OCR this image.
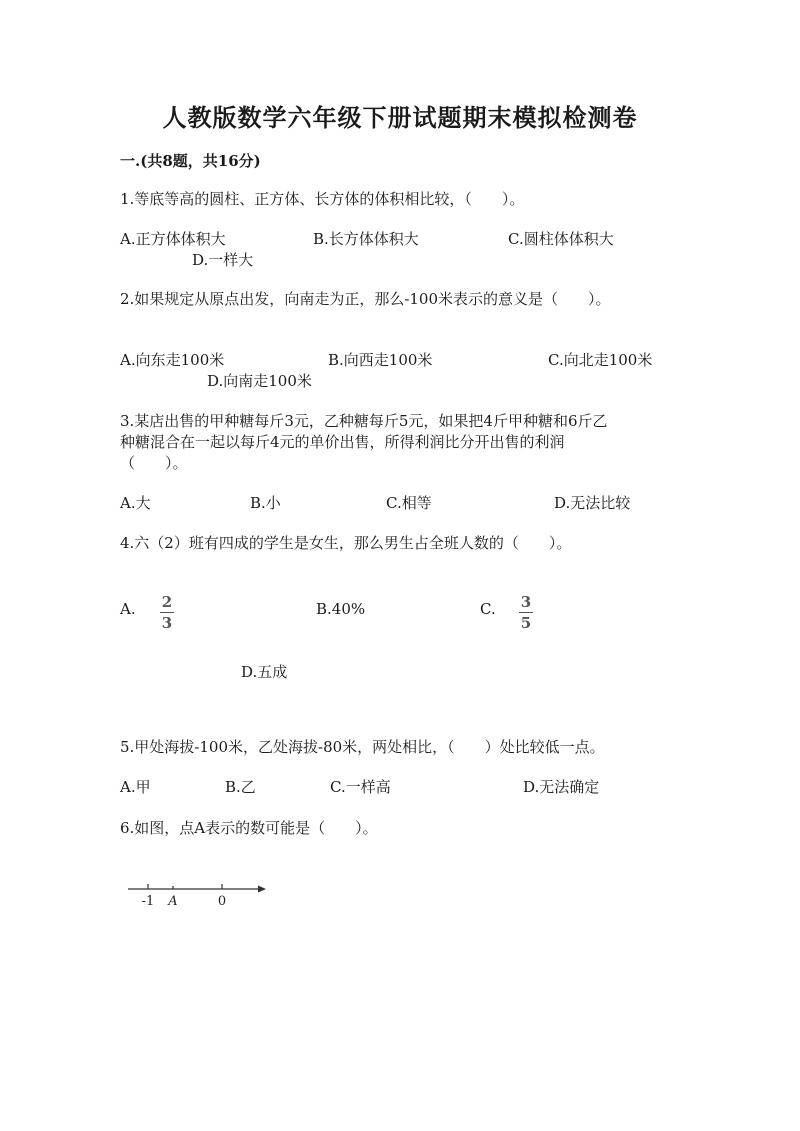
人教版数学六年级下册试题期末模拟检测卷
一.(共8题，共16分)
1.等底等高的圆柱、正方体、长方体的体积相比较，（　　）。
A.正方体体积大	B.长方体体积大	C.圆柱体体积大
D.一样大
2.如果规定从原点出发，向南走为正，那么-100米表示的意义是（　　）。
A.向东走100米	B.向西走100米	C.向北走100米
D.向南走100米
3.某店出售的甲种糖每斤3元，乙种糖每斤5元，如果把4斤甲种糖和6斤乙
种糖混合在一起以每斤4元的单价出售，所得利润比分开出售的利润
（　　）。
A.大	B.小	C.相等	D.无法比较
4.六（2）班有四成的学生是女生，那么男生占全班人数的（　　）。
A. 2
3
B.40%	C. 3
5
D.五成
5.甲处海拔-100米，乙处海拔-80米，两处相比，（　　）处比较低一点。
A.甲	B.乙	C.一样高	D.无法确定
6.如图，点A表示的数可能是（　　）。
-1 A	0
